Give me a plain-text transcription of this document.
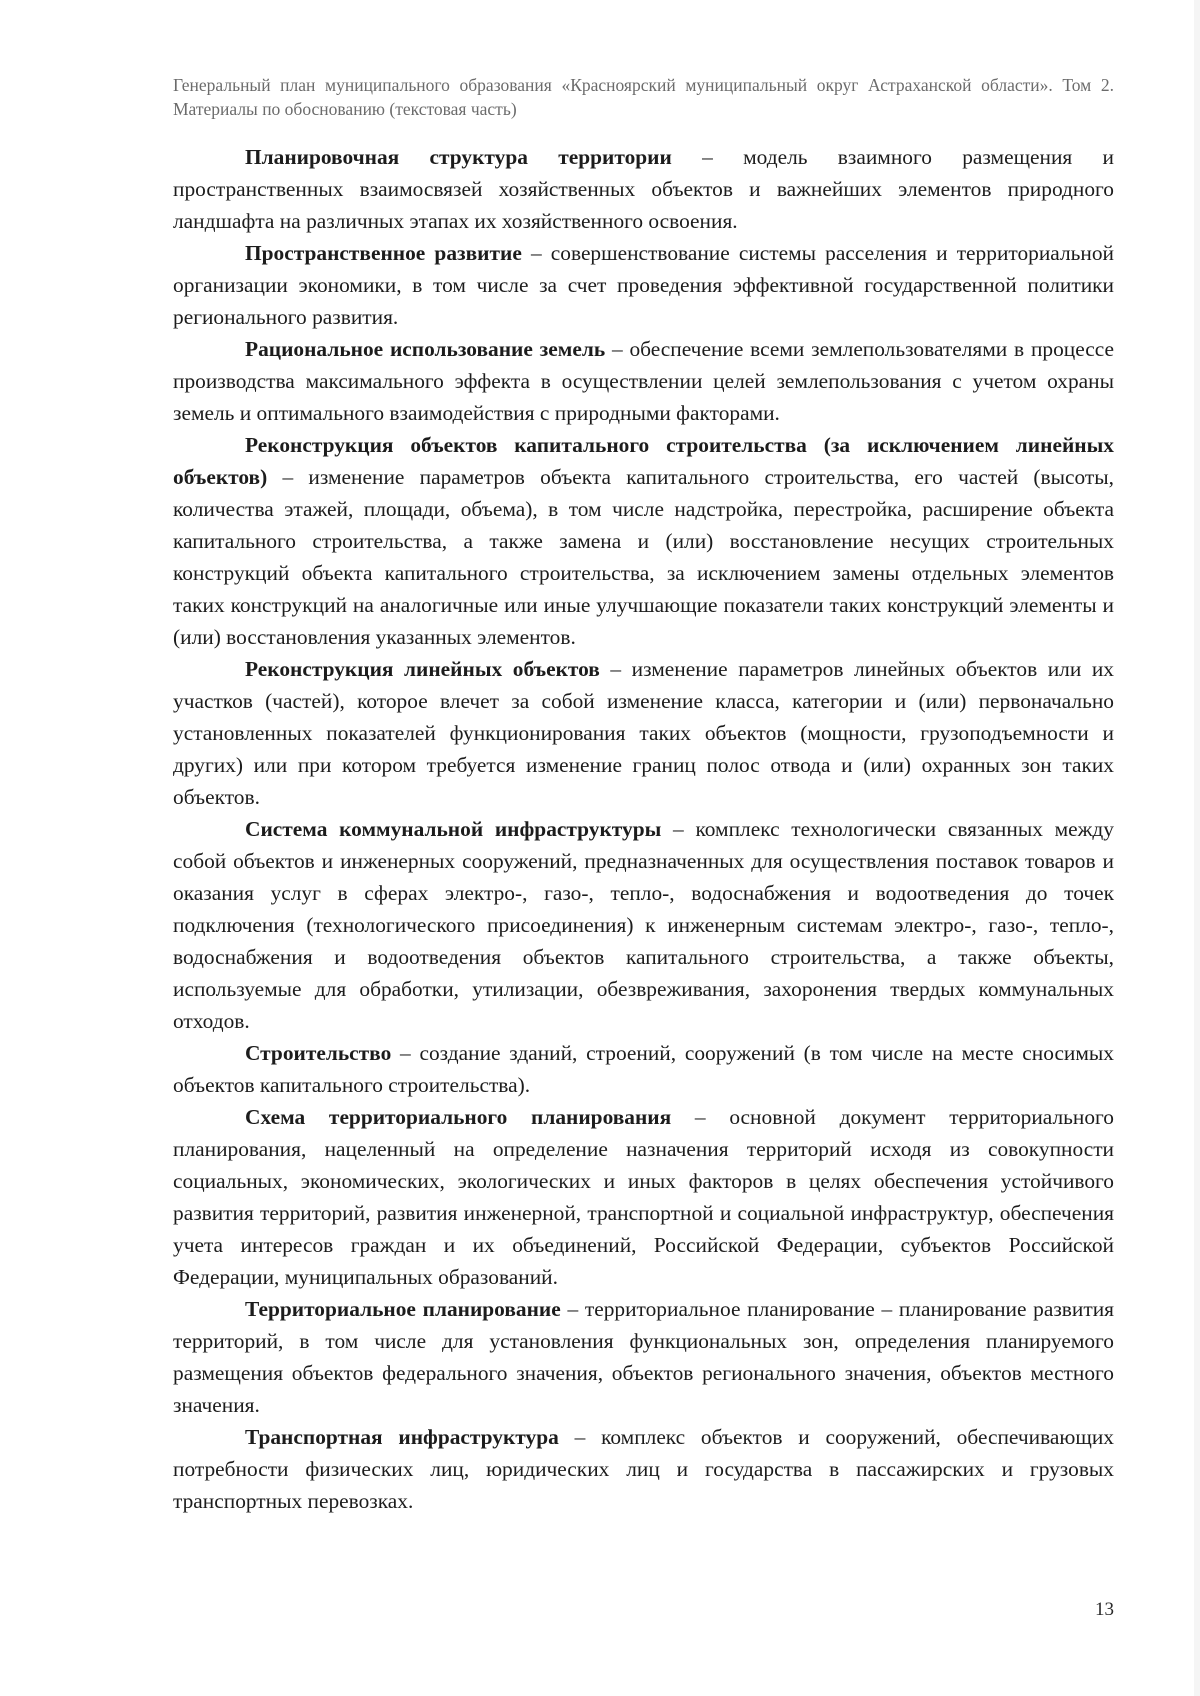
Генеральный план муниципального образования «Красноярский муниципальный округ Астраханской области». Том 2. Материалы по обоснованию (текстовая часть)

Планировочная структура территории – модель взаимного размещения и пространственных взаимосвязей хозяйственных объектов и важнейших элементов природного ландшафта на различных этапах их хозяйственного освоения.

Пространственное развитие – совершенствование системы расселения и территориальной организации экономики, в том числе за счет проведения эффективной государственной политики регионального развития.

Рациональное использование земель – обеспечение всеми землепользователями в процессе производства максимального эффекта в осуществлении целей землепользования с учетом охраны земель и оптимального взаимодействия с природными факторами.

Реконструкция объектов капитального строительства (за исключением линейных объектов) – изменение параметров объекта капитального строительства, его частей (высоты, количества этажей, площади, объема), в том числе надстройка, перестройка, расширение объекта капитального строительства, а также замена и (или) восстановление несущих строительных конструкций объекта капитального строительства, за исключением замены отдельных элементов таких конструкций на аналогичные или иные улучшающие показатели таких конструкций элементы и (или) восстановления указанных элементов.

Реконструкция линейных объектов – изменение параметров линейных объектов или их участков (частей), которое влечет за собой изменение класса, категории и (или) первоначально установленных показателей функционирования таких объектов (мощности, грузоподъемности и других) или при котором требуется изменение границ полос отвода и (или) охранных зон таких объектов.

Система коммунальной инфраструктуры – комплекс технологически связанных между собой объектов и инженерных сооружений, предназначенных для осуществления поставок товаров и оказания услуг в сферах электро-, газо-, тепло-, водоснабжения и водоотведения до точек подключения (технологического присоединения) к инженерным системам электро-, газо-, тепло-, водоснабжения и водоотведения объектов капитального строительства, а также объекты, используемые для обработки, утилизации, обезвреживания, захоронения твердых коммунальных отходов.

Строительство – создание зданий, строений, сооружений (в том числе на месте сносимых объектов капитального строительства).

Схема территориального планирования – основной документ территориального планирования, нацеленный на определение назначения территорий исходя из совокупности социальных, экономических, экологических и иных факторов в целях обеспечения устойчивого развития территорий, развития инженерной, транспортной и социальной инфраструктур, обеспечения учета интересов граждан и их объединений, Российской Федерации, субъектов Российской Федерации, муниципальных образований.

Территориальное планирование – территориальное планирование – планирование развития территорий, в том числе для установления функциональных зон, определения планируемого размещения объектов федерального значения, объектов регионального значения, объектов местного значения.

Транспортная инфраструктура – комплекс объектов и сооружений, обеспечивающих потребности физических лиц, юридических лиц и государства в пассажирских и грузовых транспортных перевозках.

13
